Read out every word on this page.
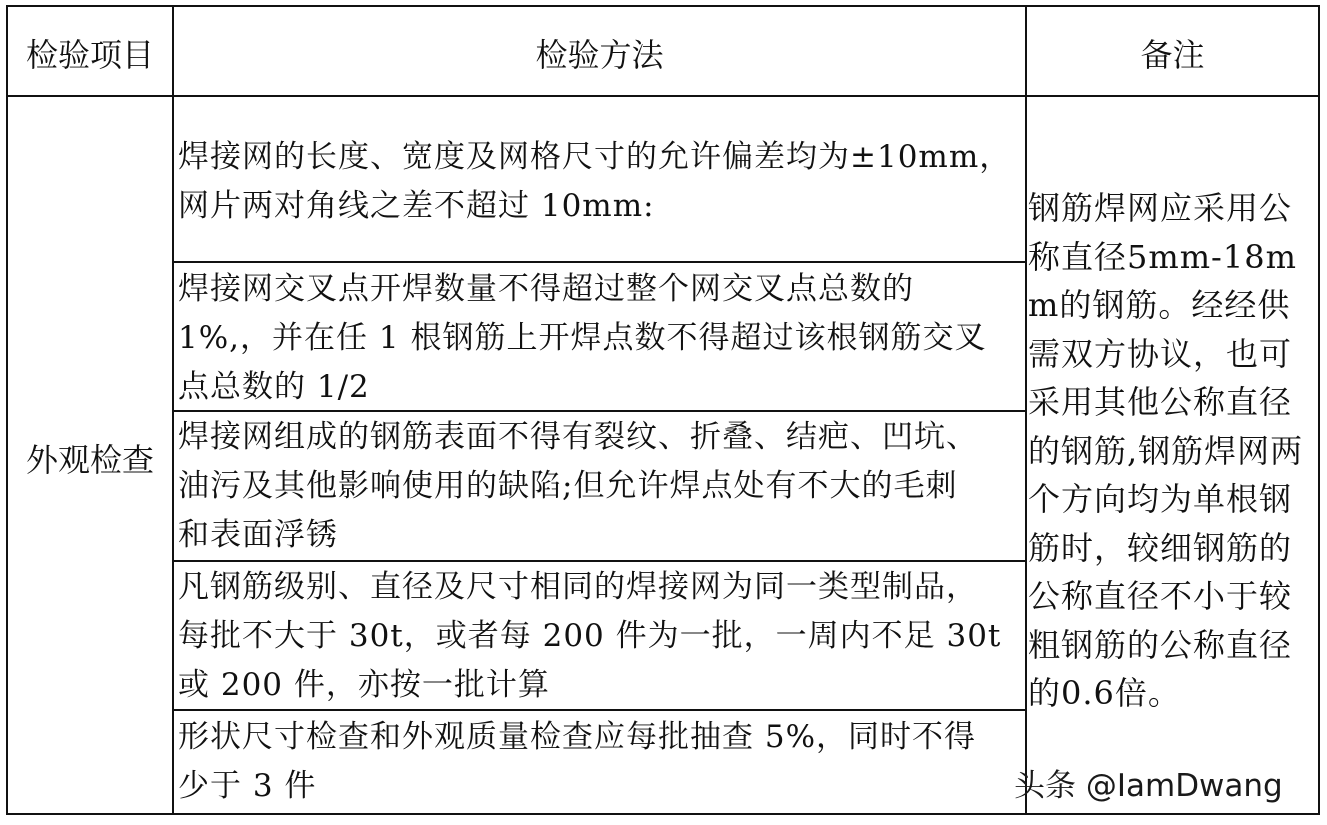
检验项目	检验方法	备注
外观检查
焊接网的长度、宽度及网格尺寸的允许偏差均为±10mm，
网片两对角线之差不超过 10mm:
焊接网交叉点开焊数量不得超过整个网交叉点总数的
1%,，并在任 1 根钢筋上开焊点数不得超过该根钢筋交叉
点总数的 1/2
焊接网组成的钢筋表面不得有裂纹、折叠、结疤、凹坑、
油污及其他影响使用的缺陷;但允许焊点处有不大的毛刺
和表面浮锈
凡钢筋级别、直径及尺寸相同的焊接网为同一类型制品，
每批不大于 30t，或者每 200 件为一批，一周内不足 30t
或 200 件，亦按一批计算
形状尺寸检查和外观质量检查应每批抽查 5%，同时不得
少于 3 件
钢筋焊网应采用公称直径5mm-18mm的钢筋。经经供需双方协议，也可采用其他公称直径的钢筋,钢筋焊网两个方向均为单根钢筋时，较细钢筋的公称直径不小于较粗钢筋的公称直径的0.6倍。
头条 @IamDwang
